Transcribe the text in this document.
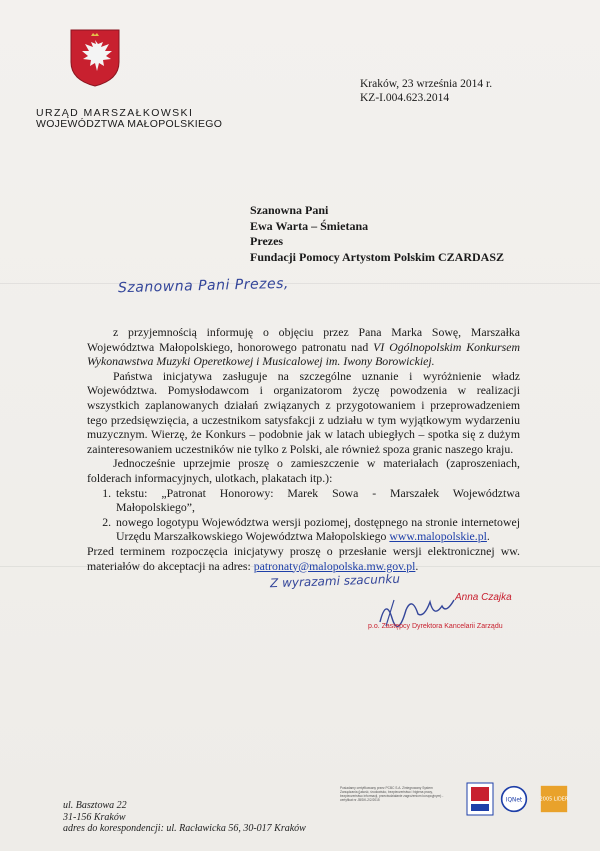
URZĄD MARSZAŁKOWSKI
WOJEWÓDZTWA MAŁOPOLSKIEGO
Kraków, 23 września 2014 r.
KZ-I.004.623.2014
Szanowna Pani
Ewa Warta – Śmietana
Prezes
Fundacji Pomocy Artystom Polskim CZARDASZ
Szanowna Pani Prezes,

z przyjemnością informuję o objęciu przez Pana Marka Sowę, Marszałka Województwa Małopolskiego, honorowego patronatu nad VI Ogólnopolskim Konkursem Wykonawstwa Muzyki Operetkowej i Musicalowej im. Iwony Borowickiej.

Państwa inicjatywa zasługuje na szczególne uznanie i wyróżnienie władz Województwa. Pomysłodawcom i organizatorom życzę powodzenia w realizacji wszystkich zaplanowanych działań związanych z przygotowaniem i przeprowadzeniem tego przedsięwzięcia, a uczestnikom satysfakcji z udziału w tym wyjątkowym wydarzeniu muzycznym. Wierzę, że Konkurs – podobnie jak w latach ubiegłych – spotka się z dużym zainteresowaniem uczestników nie tylko z Polski, ale również spoza granic naszego kraju.

Jednocześnie uprzejmie proszę o zamieszczenie w materiałach (zaproszeniach, folderach informacyjnych, ulotkach, plakatach itp.):

1. tekstu: „Patronat Honorowy: Marek Sowa - Marszałek Województwa Małopolskiego”,
2. nowego logotypu Województwa wersji poziomej, dostępnego na stronie internetowej Urzędu Marszałkowskiego Województwa Małopolskiego www.malopolskie.pl.

Przed terminem rozpoczęcia inicjatywy proszę o przesłanie wersji elektronicznej ww. materiałów do akceptacji na adres: patronaty@malopolska.mw.gov.pl.

Z wyrazami szacunku
Anna Czajka
p.o. Zastępcy Dyrektora Kancelarii Zarządu
ul. Basztowa 22
31-156 Kraków
adres do korespondencji: ul. Racławicka 56, 30-017 Kraków
Posiadamy certyfikowany przez PCBC S.A. Zintegrowany System Zarządzania (jakość, środowisko, bezpieczeństwo i higiena pracy, bezpieczeństwo informacji, przeciwdziałanie zagrożeniom korupcyjnym) - certyfikat nr JBSIK-2/2/2015	IQNet	2005 LIDER
